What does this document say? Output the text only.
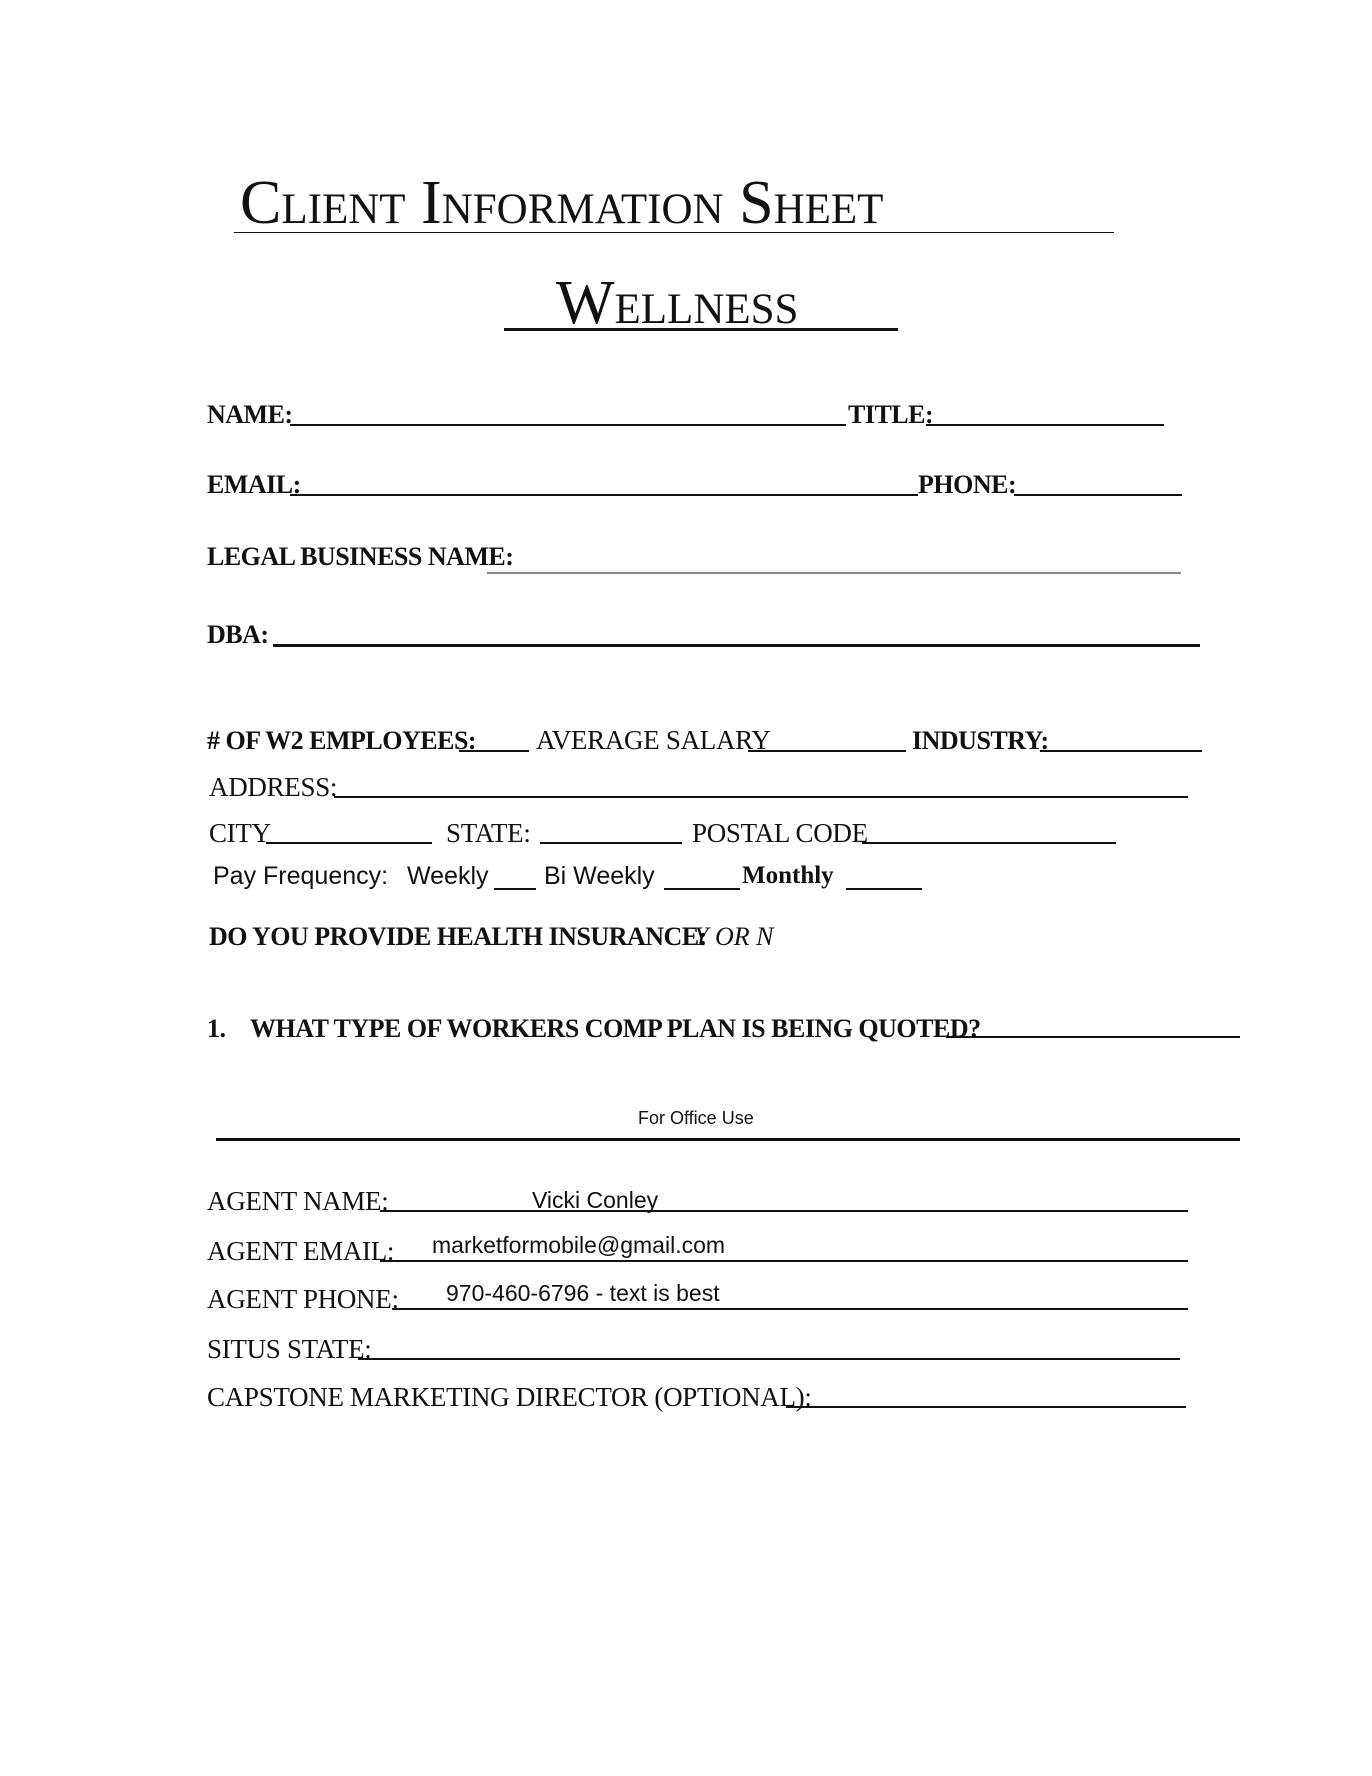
Client Information Sheet
Wellness
NAME:	TITLE:
EMAIL:	PHONE:
LEGAL BUSINESS NAME:
DBA:
# OF W2 EMPLOYEES: AVERAGE SALARY	INDUSTRY:
ADDRESS:
CITY	STATE:	POSTAL CODE
Pay Frequency: Weekly Bi Weekly	Monthly
DO YOU PROVIDE HEALTH INSURANCE:
Y OR N
1. WHAT TYPE OF WORKERS COMP PLAN IS BEING QUOTED?
For Office Use
AGENT NAME:	Vicki Conley
AGENT EMAIL: marketformobile@gmail.com
AGENT PHONE: 970-460-6796 - text is best
SITUS STATE:
CAPSTONE MARKETING DIRECTOR (OPTIONAL):
